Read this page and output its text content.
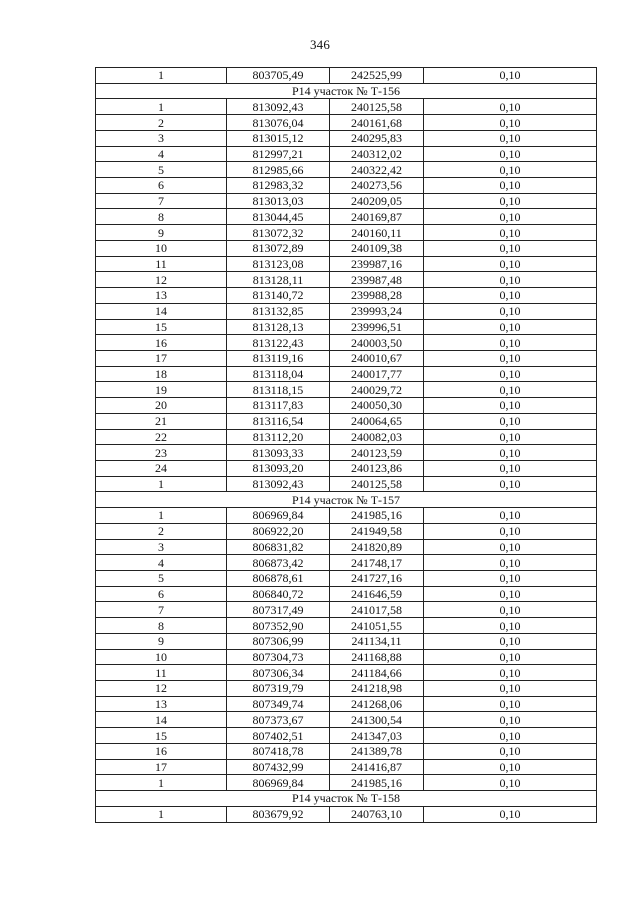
346
1	803705,49	242525,99	0,10
Р14 участок № Т-156			
1	813092,43	240125,58	0,10
2	813076,04	240161,68	0,10
3	813015,12	240295,83	0,10
4	812997,21	240312,02	0,10
5	812985,66	240322,42	0,10
6	812983,32	240273,56	0,10
7	813013,03	240209,05	0,10
8	813044,45	240169,87	0,10
9	813072,32	240160,11	0,10
10	813072,89	240109,38	0,10
11	813123,08	239987,16	0,10
12	813128,11	239987,48	0,10
13	813140,72	239988,28	0,10
14	813132,85	239993,24	0,10
15	813128,13	239996,51	0,10
16	813122,43	240003,50	0,10
17	813119,16	240010,67	0,10
18	813118,04	240017,77	0,10
19	813118,15	240029,72	0,10
20	813117,83	240050,30	0,10
21	813116,54	240064,65	0,10
22	813112,20	240082,03	0,10
23	813093,33	240123,59	0,10
24	813093,20	240123,86	0,10
1	813092,43	240125,58	0,10
Р14 участок № Т-157			
1	806969,84	241985,16	0,10
2	806922,20	241949,58	0,10
3	806831,82	241820,89	0,10
4	806873,42	241748,17	0,10
5	806878,61	241727,16	0,10
6	806840,72	241646,59	0,10
7	807317,49	241017,58	0,10
8	807352,90	241051,55	0,10
9	807306,99	241134,11	0,10
10	807304,73	241168,88	0,10
11	807306,34	241184,66	0,10
12	807319,79	241218,98	0,10
13	807349,74	241268,06	0,10
14	807373,67	241300,54	0,10
15	807402,51	241347,03	0,10
16	807418,78	241389,78	0,10
17	807432,99	241416,87	0,10
1	806969,84	241985,16	0,10
Р14 участок № Т-158			
1	803679,92	240763,10	0,10
